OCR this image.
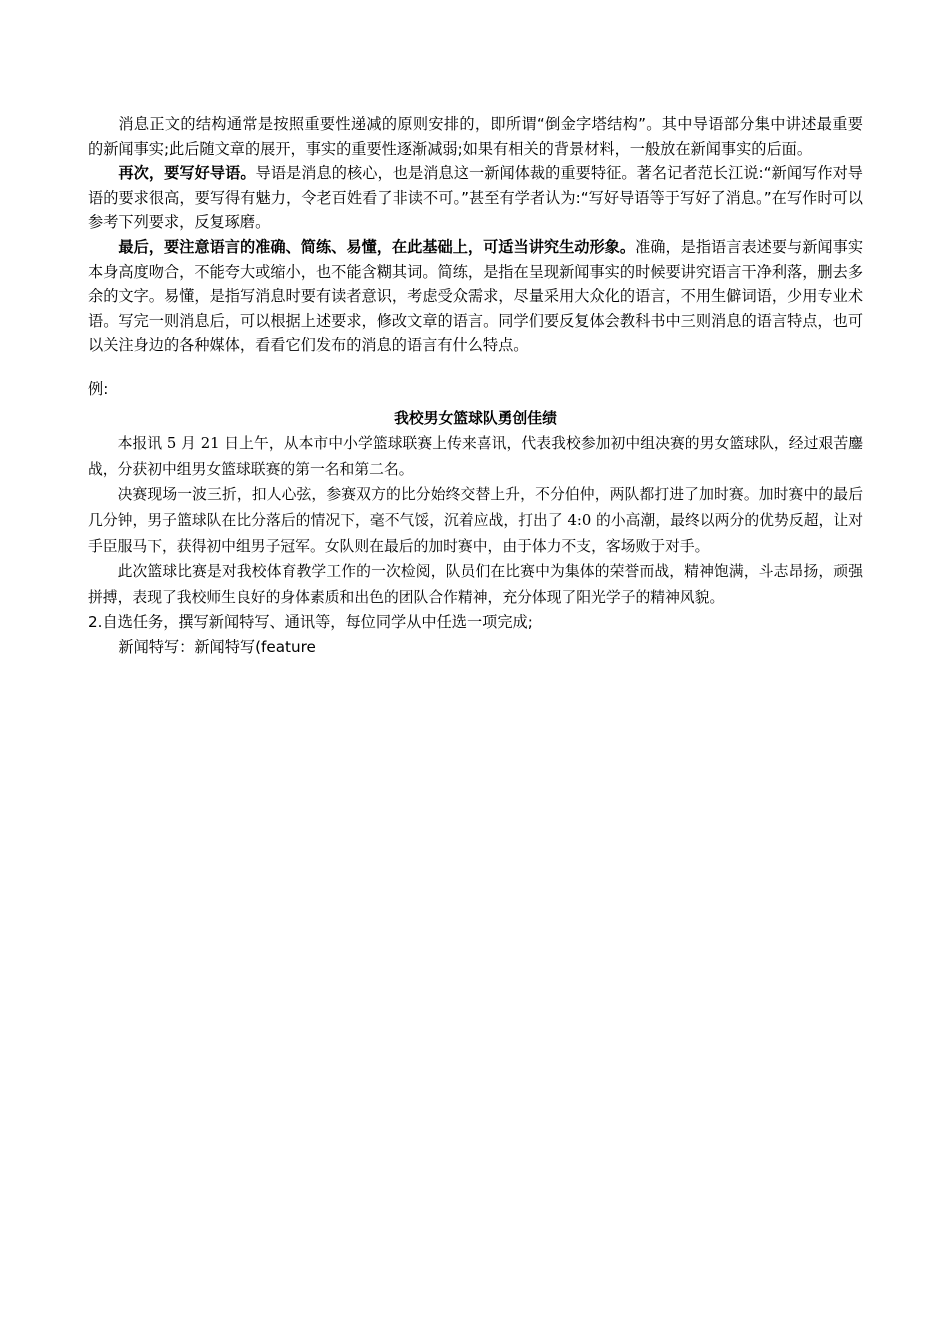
消息正文的结构通常是按照重要性递减的原则安排的，即所谓“倒金字塔结构”。其中导语部分集中讲述最重要的新闻事实;此后随文章的展开，事实的重要性逐渐减弱;如果有相关的背景材料，一般放在新闻事实的后面。

再次，要写好导语。导语是消息的核心，也是消息这一新闻体裁的重要特征。著名记者范长江说:“新闻写作对导语的要求很高，要写得有魅力，令老百姓看了非读不可。”甚至有学者认为:“写好导语等于写好了消息。”在写作时可以参考下列要求，反复琢磨。

最后，要注意语言的准确、简练、易懂，在此基础上，可适当讲究生动形象。准确，是指语言表述要与新闻事实本身高度吻合，不能夸大或缩小，也不能含糊其词。简练，是指在呈现新闻事实的时候要讲究语言干净利落，删去多余的文字。易懂，是指写消息时要有读者意识，考虑受众需求，尽量采用大众化的语言，不用生僻词语，少用专业术语。写完一则消息后，可以根据上述要求，修改文章的语言。同学们要反复体会教科书中三则消息的语言特点，也可以关注身边的各种媒体，看看它们发布的消息的语言有什么特点。

例:

我校男女篮球队勇创佳绩

本报讯 5 月 21 日上午，从本市中小学篮球联赛上传来喜讯，代表我校参加初中组决赛的男女篮球队，经过艰苦鏖战，分获初中组男女篮球联赛的第一名和第二名。

决赛现场一波三折，扣人心弦，参赛双方的比分始终交替上升，不分伯仲，两队都打进了加时赛。加时赛中的最后几分钟，男子篮球队在比分落后的情况下，毫不气馁，沉着应战，打出了 4:0 的小高潮，最终以两分的优势反超，让对手臣服马下，获得初中组男子冠军。女队则在最后的加时赛中，由于体力不支，客场败于对手。

此次篮球比赛是对我校体育教学工作的一次检阅，队员们在比赛中为集体的荣誉而战，精神饱满，斗志昂扬，顽强拼搏，表现了我校师生良好的身体素质和出色的团队合作精神，充分体现了阳光学子的精神风貌。

2.自选任务，撰写新闻特写、通讯等，每位同学从中任选一项完成;

新闻特写：新闻特写(feature
